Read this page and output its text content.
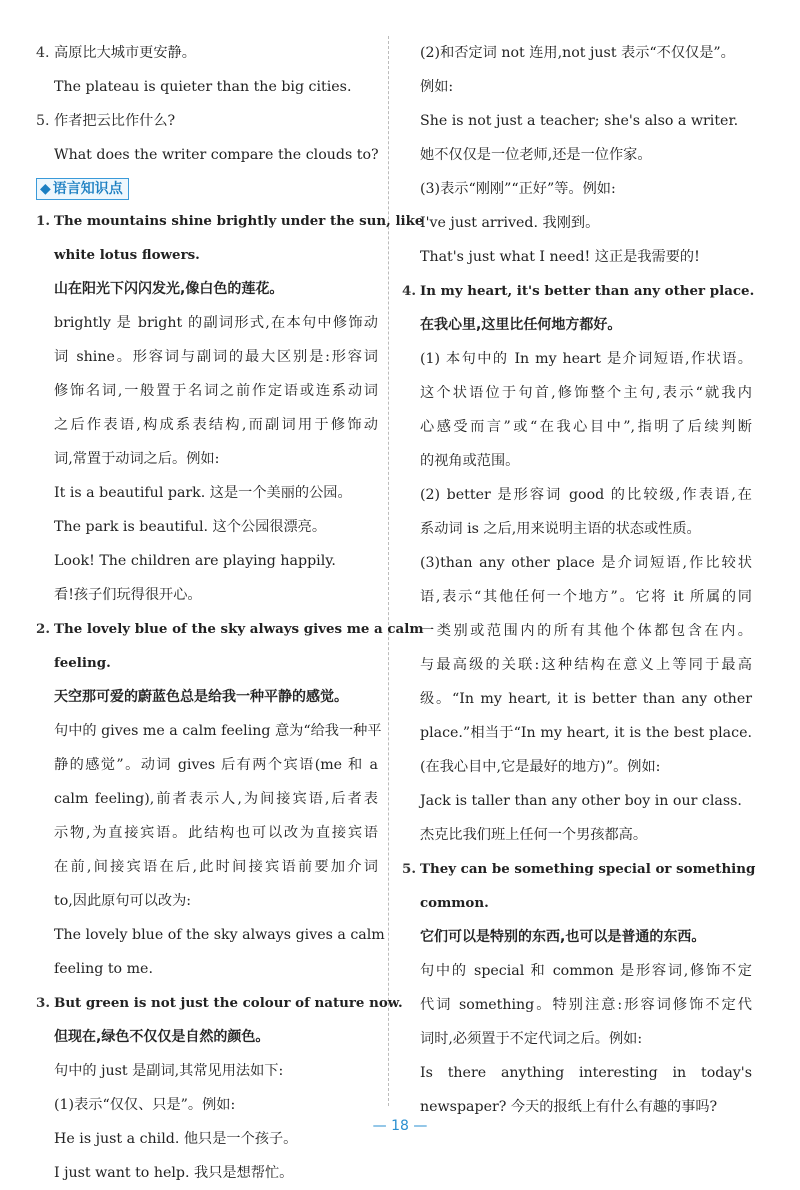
4. 高原比大城市更安静。
The plateau is quieter than the big cities.
5. 作者把云比作什么?
What does the writer compare the clouds to?
◆ 语言知识点
1. The mountains shine brightly under the sun, like
white lotus flowers.
山在阳光下闪闪发光,像白色的莲花。
brightly 是 bright 的副词形式,在本句中修饰动
词 shine。形容词与副词的最大区别是:形容词
修饰名词,一般置于名词之前作定语或连系动词
之后作表语,构成系表结构,而副词用于修饰动
词,常置于动词之后。例如:
It is a beautiful park. 这是一个美丽的公园。
The park is beautiful. 这个公园很漂亮。
Look! The children are playing happily.
看!孩子们玩得很开心。
2. The lovely blue of the sky always gives me a calm
feeling.
天空那可爱的蔚蓝色总是给我一种平静的感觉。
句中的 gives me a calm feeling 意为“给我一种平
静的感觉”。动词 gives 后有两个宾语(me 和 a
calm feeling),前者表示人,为间接宾语,后者表
示物,为直接宾语。此结构也可以改为直接宾语
在前,间接宾语在后,此时间接宾语前要加介词
to,因此原句可以改为:
The lovely blue of the sky always gives a calm
feeling to me.
3. But green is not just the colour of nature now.
但现在,绿色不仅仅是自然的颜色。
句中的 just 是副词,其常见用法如下:
(1)表示“仅仅、只是”。例如:
He is just a child. 他只是一个孩子。
I just want to help. 我只是想帮忙。
(2)和否定词 not 连用,not just 表示“不仅仅是”。
例如:
She is not just a teacher; she's also a writer.
她不仅仅是一位老师,还是一位作家。
(3)表示“刚刚”“正好”等。例如:
I've just arrived. 我刚到。
That's just what I need! 这正是我需要的!
4. In my heart, it's better than any other place.
在我心里,这里比任何地方都好。
(1) 本句中的 In my heart 是介词短语,作状语。
这个状语位于句首,修饰整个主句,表示“就我内
心感受而言”或“在我心目中”,指明了后续判断
的视角或范围。
(2) better 是形容词 good 的比较级,作表语,在
系动词 is 之后,用来说明主语的状态或性质。
(3)than any other place 是介词短语,作比较状
语,表示“其他任何一个地方”。它将 it 所属的同
一类别或范围内的所有其他个体都包含在内。
与最高级的关联:这种结构在意义上等同于最高
级。“In my heart, it is better than any other
place.”相当于“In my heart, it is the best place.
(在我心目中,它是最好的地方)”。例如:
Jack is taller than any other boy in our class.
杰克比我们班上任何一个男孩都高。
5. They can be something special or something
common.
它们可以是特别的东西,也可以是普通的东西。
句中的 special 和 common 是形容词,修饰不定
代词 something。特别注意:形容词修饰不定代
词时,必须置于不定代词之后。例如:
Is there anything interesting in today's
newspaper? 今天的报纸上有什么有趣的事吗?
— 18 —
